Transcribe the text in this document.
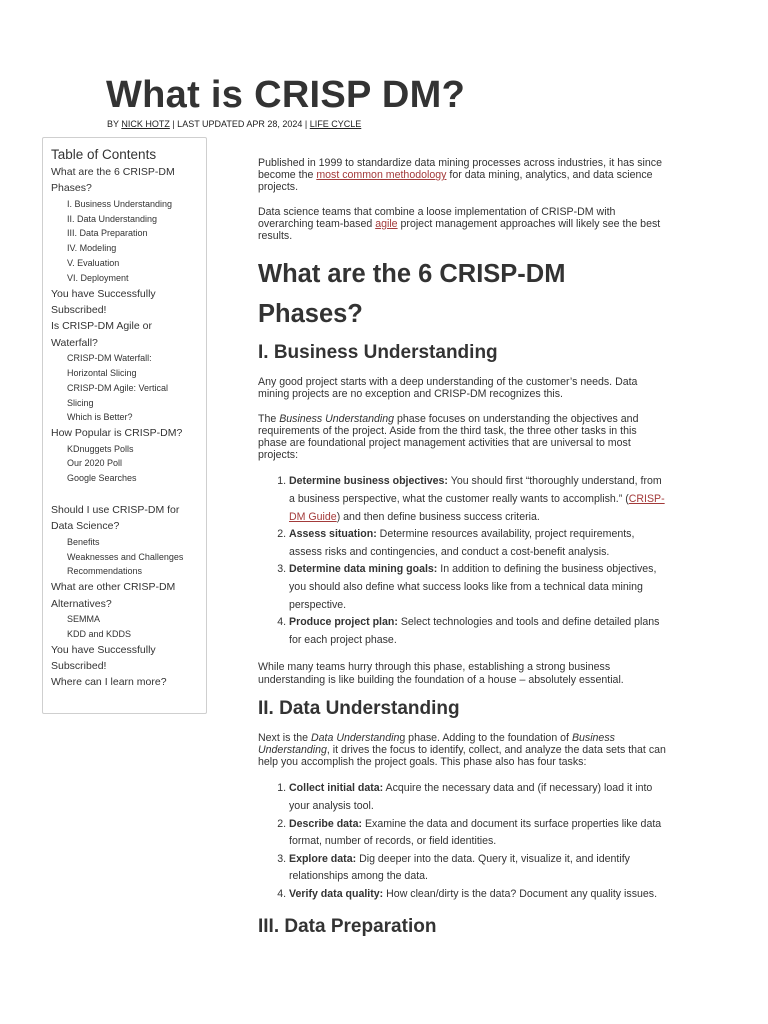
What is CRISP DM?
BY NICK HOTZ | LAST UPDATED APR 28, 2024 | LIFE CYCLE
Table of Contents
What are the 6 CRISP-DM Phases?
I. Business Understanding
II. Data Understanding
III. Data Preparation
IV. Modeling
V. Evaluation
VI. Deployment
You have Successfully Subscribed!
Is CRISP-DM Agile or Waterfall?
CRISP-DM Waterfall: Horizontal Slicing
CRISP-DM Agile: Vertical Slicing
Which is Better?
How Popular is CRISP-DM?
KDnuggets Polls
Our 2020 Poll
Google Searches
Should I use CRISP-DM for Data Science?
Benefits
Weaknesses and Challenges
Recommendations
What are other CRISP-DM Alternatives?
SEMMA
KDD and KDDS
You have Successfully Subscribed!
Where can I learn more?

Published in 1999 to standardize data mining processes across industries, it has since become the most common methodology for data mining, analytics, and data science projects.

Data science teams that combine a loose implementation of CRISP-DM with overarching team-based agile project management approaches will likely see the best results.

What are the 6 CRISP-DM Phases?
I. Business Understanding

Any good project starts with a deep understanding of the customer’s needs. Data mining projects are no exception and CRISP-DM recognizes this.

The Business Understanding phase focuses on understanding the objectives and requirements of the project. Aside from the third task, the three other tasks in this phase are foundational project management activities that are universal to most projects:

1. Determine business objectives: You should first “thoroughly understand, from a business perspective, what the customer really wants to accomplish.” (CRISP-DM Guide) and then define business success criteria.
2. Assess situation: Determine resources availability, project requirements, assess risks and contingencies, and conduct a cost-benefit analysis.
3. Determine data mining goals: In addition to defining the business objectives, you should also define what success looks like from a technical data mining perspective.
4. Produce project plan: Select technologies and tools and define detailed plans for each project phase.

While many teams hurry through this phase, establishing a strong business understanding is like building the foundation of a house – absolutely essential.

II. Data Understanding

Next is the Data Understanding phase. Adding to the foundation of Business Understanding, it drives the focus to identify, collect, and analyze the data sets that can help you accomplish the project goals. This phase also has four tasks:

1. Collect initial data: Acquire the necessary data and (if necessary) load it into your analysis tool.
2. Describe data: Examine the data and document its surface properties like data format, number of records, or field identities.
3. Explore data: Dig deeper into the data. Query it, visualize it, and identify relationships among the data.
4. Verify data quality: How clean/dirty is the data? Document any quality issues.
III. Data Preparation
